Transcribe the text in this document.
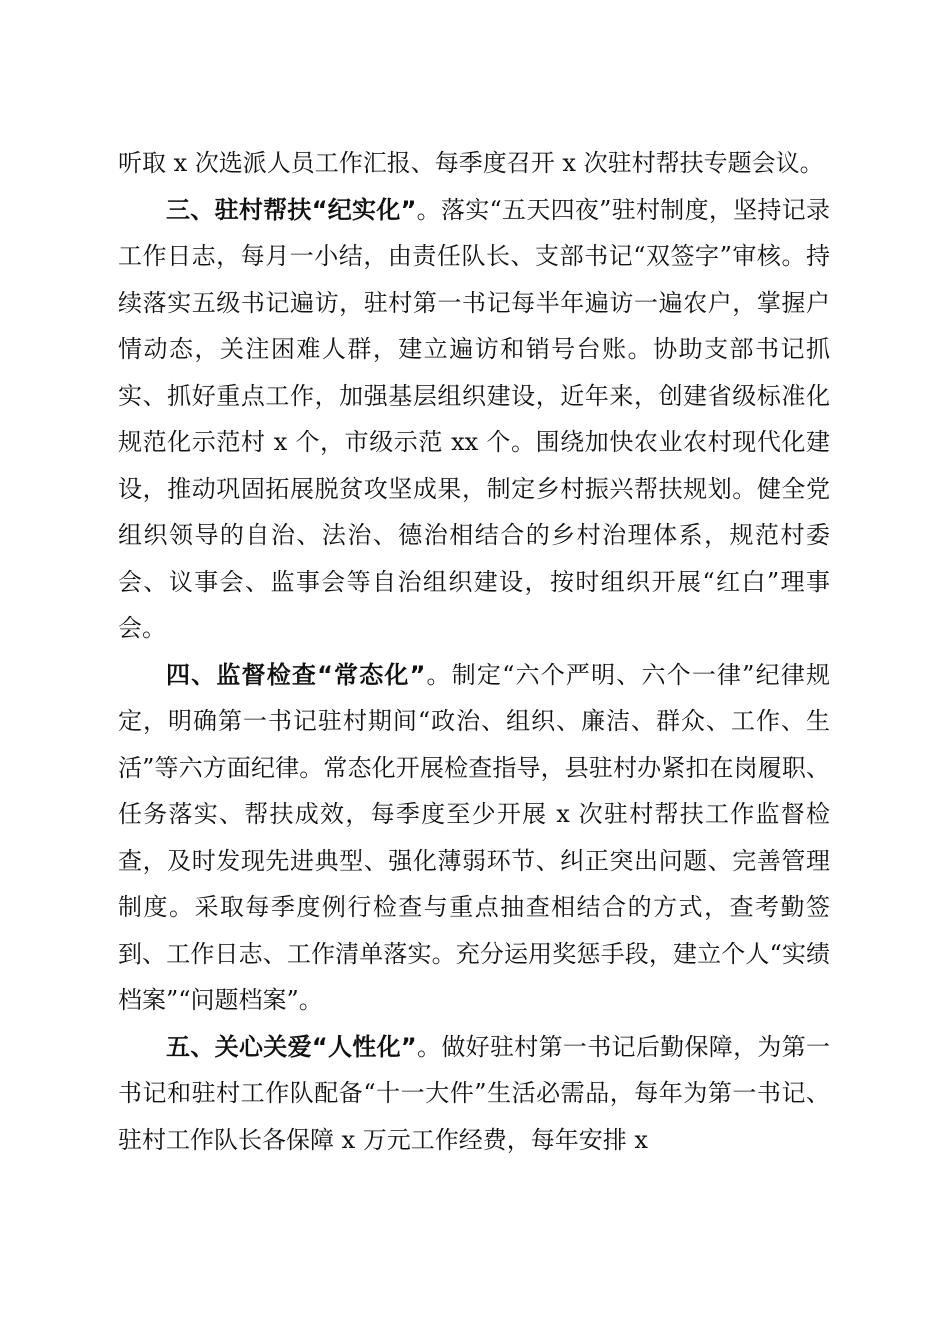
听取 x 次选派人员工作汇报、每季度召开 x 次驻村帮扶专题会议。

三、驻村帮扶“纪实化”。落实“五天四夜”驻村制度，坚持记录工作日志，每月一小结，由责任队长、支部书记“双签字”审核。持续落实五级书记遍访，驻村第一书记每半年遍访一遍农户，掌握户情动态，关注困难人群，建立遍访和销号台账。协助支部书记抓实、抓好重点工作，加强基层组织建设，近年来，创建省级标准化规范化示范村 x 个，市级示范 xx 个。围绕加快农业农村现代化建设，推动巩固拓展脱贫攻坚成果，制定乡村振兴帮扶规划。健全党组织领导的自治、法治、德治相结合的乡村治理体系，规范村委会、议事会、监事会等自治组织建设，按时组织开展“红白”理事会。

四、监督检查“常态化”。制定“六个严明、六个一律”纪律规定，明确第一书记驻村期间“政治、组织、廉洁、群众、工作、生活”等六方面纪律。常态化开展检查指导，县驻村办紧扣在岗履职、任务落实、帮扶成效，每季度至少开展 x 次驻村帮扶工作监督检查，及时发现先进典型、强化薄弱环节、纠正突出问题、完善管理制度。采取每季度例行检查与重点抽查相结合的方式，查考勤签到、工作日志、工作清单落实。充分运用奖惩手段，建立个人“实绩档案”“问题档案”。

五、关心关爱“人性化”。做好驻村第一书记后勤保障，为第一书记和驻村工作队配备“十一大件”生活必需品，每年为第一书记、驻村工作队长各保障 x 万元工作经费，每年安排 x
